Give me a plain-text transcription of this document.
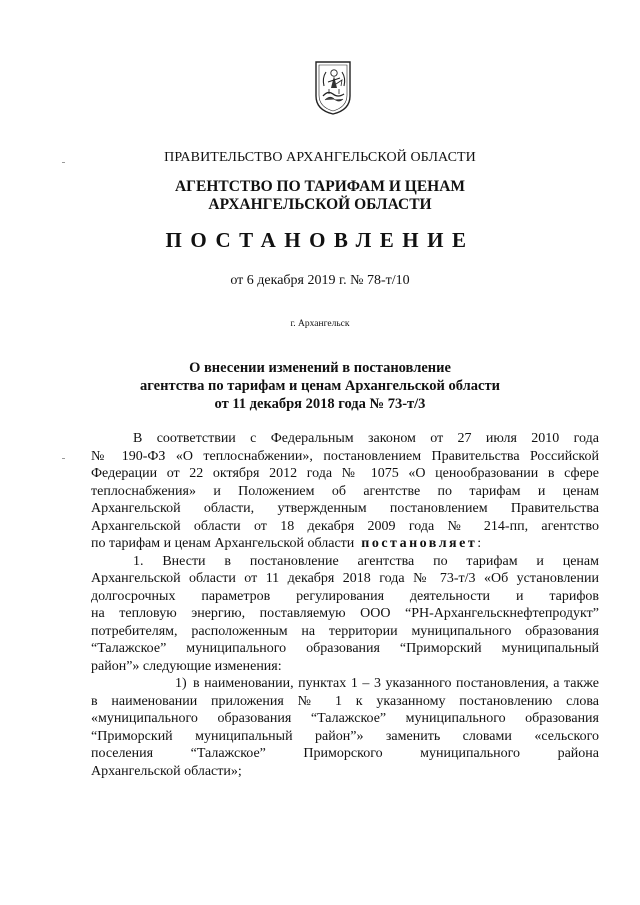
ПРАВИТЕЛЬСТВО АРХАНГЕЛЬСКОЙ ОБЛАСТИ
АГЕНТСТВО ПО ТАРИФАМ И ЦЕНАМ
АРХАНГЕЛЬСКОЙ ОБЛАСТИ
ПОСТАНОВЛЕНИЕ
от 6 декабря 2019 г. № 78-т/10
г. Архангельск
О внесении изменений в постановление
агентства по тарифам и ценам Архангельской области
от 11 декабря 2018 года № 73-т/3

В соответствии с Федеральным законом от 27 июля 2010 года

№ 190-ФЗ «О теплоснабжении», постановлением Правительства Российской

Федерации от 22 октября 2012 года № 1075 «О ценообразовании в сфере

теплоснабжения» и Положением об агентстве по тарифам и ценам

Архангельской области, утвержденным постановлением Правительства

Архангельской области от 18 декабря 2009 года № 214-пп, агентство

по тарифам и ценам Архангельской области постановляет:

1. Внести в постановление агентства по тарифам и ценам

Архангельской области от 11 декабря 2018 года № 73-т/3 «Об установлении

долгосрочных параметров регулирования деятельности и тарифов

на тепловую энергию, поставляемую ООО “РН-Архангельскнефтепродукт”

потребителям, расположенным на территории муниципального образования

“Талажское” муниципального образования “Приморский муниципальный

район”» следующие изменения:

1) в наименовании, пунктах 1 – 3 указанного постановления, а также

в наименовании приложения № 1 к указанному постановлению слова

«муниципального образования “Талажское” муниципального образования

“Приморский муниципальный район”» заменить словами «сельского

поселения “Талажское” Приморского муниципального района

Архангельской области»;
